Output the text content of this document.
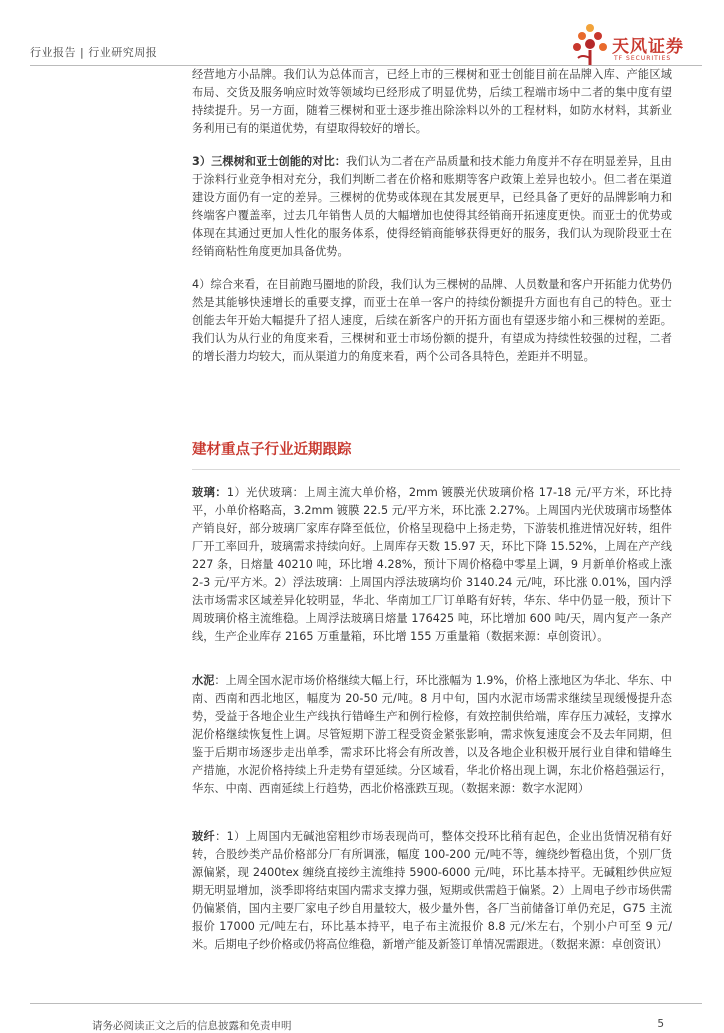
行业报告 | 行业研究周报	天风证券
TF SECURITIES

经营地方小品牌。我们认为总体而言，已经上市的三棵树和亚士创能目前在品牌入库、产能区域布局、交货及服务响应时效等领域均已经形成了明显优势，后续工程端市场中二者的集中度有望持续提升。另一方面，随着三棵树和亚士逐步推出除涂料以外的工程材料，如防水材料，其新业务利用已有的渠道优势，有望取得较好的增长。

3）三棵树和亚士创能的对比：我们认为二者在产品质量和技术能力角度并不存在明显差异，且由于涂料行业竞争相对充分，我们判断二者在价格和账期等客户政策上差异也较小。但二者在渠道建设方面仍有一定的差异。三棵树的优势或体现在其发展更早，已经具备了更好的品牌影响力和终端客户覆盖率，过去几年销售人员的大幅增加也使得其经销商开拓速度更快。而亚士的优势或体现在其通过更加人性化的服务体系，使得经销商能够获得更好的服务，我们认为现阶段亚士在经销商粘性角度更加具备优势。

4）综合来看，在目前跑马圈地的阶段，我们认为三棵树的品牌、人员数量和客户开拓能力优势仍然是其能够快速增长的重要支撑，而亚士在单一客户的持续份额提升方面也有自己的特色。亚士创能去年开始大幅提升了招人速度，后续在新客户的开拓方面也有望逐步缩小和三棵树的差距。我们认为从行业的角度来看，三棵树和亚士市场份额的提升，有望成为持续性较强的过程，二者的增长潜力均较大，而从渠道力的角度来看，两个公司各具特色，差距并不明显。

建材重点子行业近期跟踪

玻璃：1）光伏玻璃：上周主流大单价格，2mm 镀膜光伏玻璃价格 17-18 元/平方米，环比持平，小单价格略高，3.2mm 镀膜 22.5 元/平方米，环比涨 2.27%。上周国内光伏玻璃市场整体产销良好，部分玻璃厂家库存降至低位，价格呈现稳中上扬走势，下游装机推进情况好转，组件厂开工率回升，玻璃需求持续向好。上周库存天数 15.97 天，环比下降 15.52%，上周在产产线 227 条，日熔量 40210 吨，环比增 4.28%，预计下周价格稳中零星上调，9 月新单价格或上涨 2-3 元/平方米。2）浮法玻璃：上周国内浮法玻璃均价 3140.24 元/吨，环比涨 0.01%，国内浮法市场需求区域差异化较明显，华北、华南加工厂订单略有好转，华东、华中仍显一般，预计下周玻璃价格主流维稳。上周浮法玻璃日熔量 176425 吨，环比增加 600 吨/天，周内复产一条产线，生产企业库存 2165 万重量箱，环比增 155 万重量箱（数据来源：卓创资讯）。

水泥：上周全国水泥市场价格继续大幅上行，环比涨幅为 1.9%，价格上涨地区为华北、华东、中南、西南和西北地区，幅度为 20-50 元/吨。8 月中旬，国内水泥市场需求继续呈现缓慢提升态势，受益于各地企业生产线执行错峰生产和例行检修，有效控制供给端，库存压力减轻，支撑水泥价格继续恢复性上调。尽管短期下游工程受资金紧张影响，需求恢复速度会不及去年同期，但鉴于后期市场逐步走出单季，需求环比将会有所改善，以及各地企业积极开展行业自律和错峰生产措施，水泥价格持续上升走势有望延续。分区域看，华北价格出现上调，东北价格趋强运行，华东、中南、西南延续上行趋势，西北价格涨跌互现。（数据来源：数字水泥网）

玻纤：1）上周国内无碱池窑粗纱市场表现尚可，整体交投环比稍有起色，企业出货情况稍有好转，合股纱类产品价格部分厂有所调涨，幅度 100-200 元/吨不等，缠绕纱暂稳出货，个别厂货源偏紧，现 2400tex 缠绕直接纱主流维持 5900-6000 元/吨，环比基本持平。无碱粗纱供应短期无明显增加，淡季即将结束国内需求支撑力强，短期或供需趋于偏紧。2）上周电子纱市场供需仍偏紧俏，国内主要厂家电子纱自用量较大，极少量外售，各厂当前储备订单仍充足，G75 主流报价 17000 元/吨左右，环比基本持平，电子布主流报价 8.8 元/米左右，个别小户可至 9 元/米。后期电子纱价格或仍将高位维稳，新增产能及新签订单情况需跟进。（数据来源：卓创资讯）

请务必阅读正文之后的信息披露和免责申明	5
